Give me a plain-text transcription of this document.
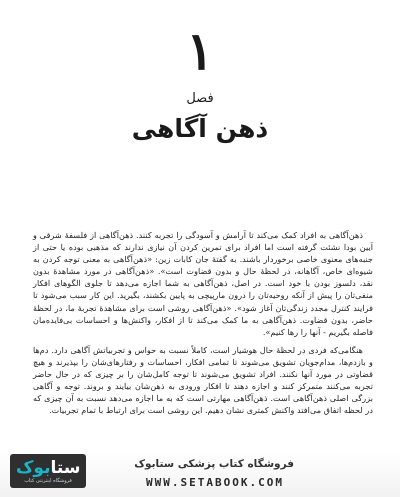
۱
فصل
ذهن آگاهی

ذهن‌آگاهی به افراد کمک می‌کند تا آرامش و آسودگی را تجربه کنند. ذهن‌آگاهی از فلسفهٔ شرقی و آیین بودا نشئت گرفته است اما افراد برای تمرین کردن آن نیازی ندارند که مذهبی بوده یا حتی از جنبه‌های معنوی خاصی برخوردار باشند. به گفتهٔ جان کابات زین: «ذهن‌آگاهی به معنی توجه کردن به شیوه‌ای خاص، آگاهانه، در لحظهٔ حال و بدون قضاوت است». «ذهن‌آگاهی در مورد مشاهدهٔ بدون نقد، دلسوز بودن با خود است. در اصل، ذهن‌آگاهی به شما اجازه می‌دهد تا جلوی الگوهای افکار منفی‌تان را پیش از آنکه روحیه‌تان را درون مارپیچی به پایین بکشند، بگیرید. این کار سبب می‌شود تا فرایند کنترل مجدد زندگی‌تان آغاز شود». «ذهن‌آگاهی روشی است برای مشاهدهٔ تجربهٔ ما، در لحظهٔ حاضر، بدون قضاوت. ذهن‌آگاهی به ما کمک می‌کند تا از افکار، واکنش‌ها و احساسات بی‌فایده‌مان فاصله بگیریم - آنها را رها کنیم».

هنگامی‌که فردی در لحظهٔ حال هوشیار است، کاملاً نسبت به حواس و تجربیاتش آگاهی دارد. دم‌ها و بازدم‌ها، مدام‌جویان تشویق می‌شوند تا تمامی افکار، احساسات و رفتارهای‌شان را بپذیرند و هیچ قضاوتی در مورد آنها نکنند. افراد تشویق می‌شوند تا توجه کامل‌شان را بر چیزی که در حال حاضر تجربه می‌کنند متمرکز کنند و اجازه دهند تا افکار ورودی به ذهن‌شان بیایند و بروند. توجه و آگاهی بزرگی اصلی ذهن‌آگاهی است. ذهن‌آگاهی مهارتی است که به ما اجازه می‌دهد نسبت به آن چیزی که در لحظه اتفاق می‌افتد واکنش کمتری نشان دهیم. این روشی است برای ارتباط با تمام تجربیات.

ستابوک
فروشگاه اینترنتی کتاب
فروشگاه کتاب پزشکی ستابوک
WWW.SETABOOK.COM
